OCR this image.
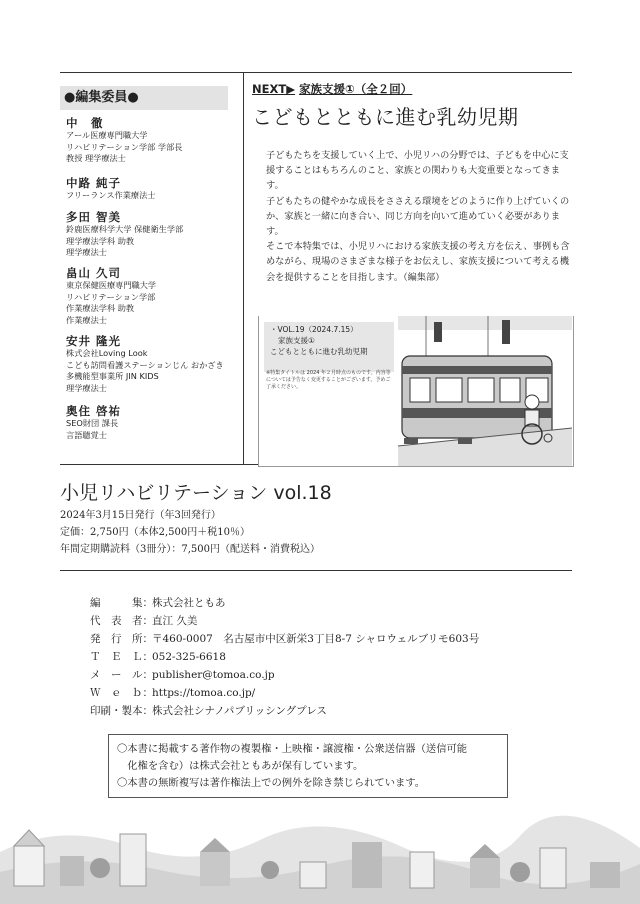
●編集委員●
中　徹
アール医療専門職大学
リハビリテーション学部 学部長
教授 理学療法士
中路 純子
フリーランス作業療法士
多田 智美
鈴鹿医療科学大学 保健衛生学部
理学療法学科 助教
理学療法士
畠山 久司
東京保健医療専門職大学
リハビリテーション学部
作業療法学科 助教
作業療法士
安井 隆光
株式会社Loving Look
こども訪問看護ステーションじん おかざき
多機能型事業所 JIN KIDS
理学療法士
奥住 啓祐
SEO財団 課長
言語聴覚士
NEXT▶ 家族支援①（全２回）
こどもとともに進む乳幼児期

子どもたちを支援していく上で、小児リハの分野では、子どもを中心に支援することはもちろんのこと、家族との関わりも大変重要となってきます。

子どもたちの健やかな成長をささえる環境をどのように作り上げていくのか、家族と一緒に向き合い、同じ方向を向いて進めていく必要があります。

そこで本特集では、小児リハにおける家族支援の考え方を伝え、事例も含めながら、現場のさまざまな様子をお伝えし、家族支援について考える機会を提供することを目指します。（編集部）

・VOL.19（2024.7.15）
家族支援①
こどもとともに進む乳幼児期
※特集タイトルは 2024 年２月時点のものです。内容等については予告なく変更することがございます。予めご了承ください。
小児リハビリテーション vol.18
2024年3月15日発行（年3回発行）
定価：2,750円（本体2,500円＋税10％）
年間定期購読料（3冊分）：7,500円（配送料・消費税込）
編　　　集：株式会社ともあ
代　表　者：直江 久美
発　行　所：〒460-0007　名古屋市中区新栄3丁目8-7 シャロウェルブリモ603号
Ｔ　Ｅ　Ｌ：052-325-6618
メ　ー　ル：publisher@tomoa.co.jp
Ｗ　ｅ　ｂ：https://tomoa.co.jp/
印刷・製本：株式会社シナノパブリッシングプレス
〇本書に掲載する著作物の複製権・上映権・譲渡権・公衆送信器（送信可能
　化権を含む）は株式会社ともあが保有しています。
〇本書の無断複写は著作権法上での例外を除き禁じられています。
